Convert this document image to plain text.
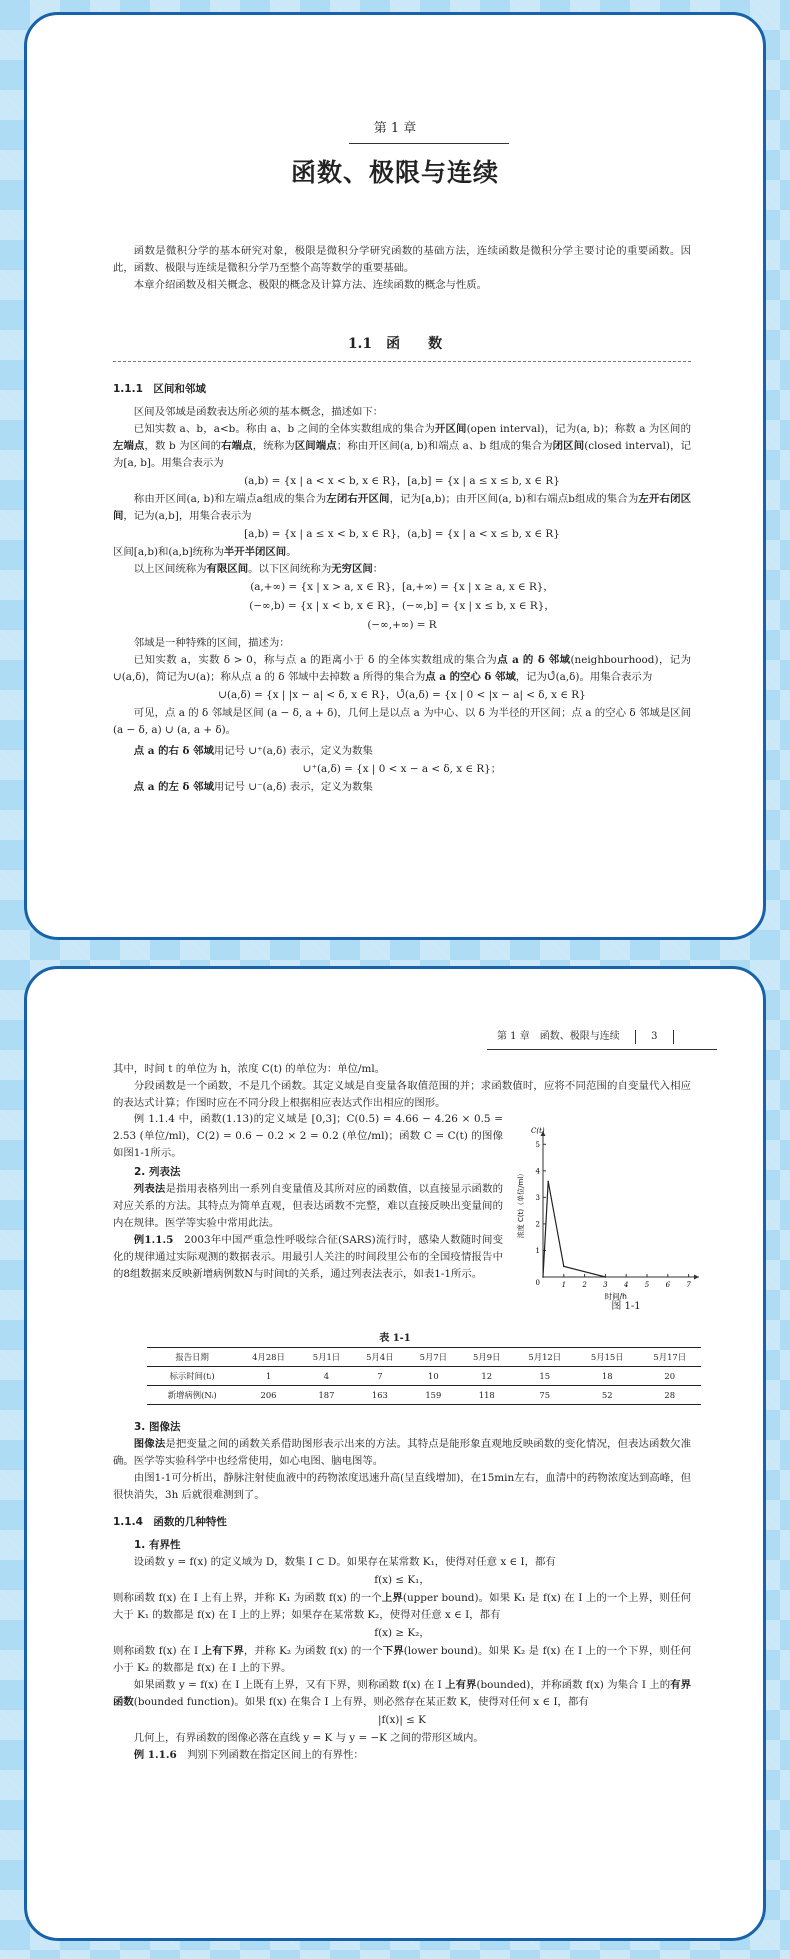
第 1 章
函数、极限与连续

函数是微积分学的基本研究对象，极限是微积分学研究函数的基础方法，连续函数是微积分学主要讨论的重要函数。因此，函数、极限与连续是微积分学乃至整个高等数学的重要基础。

本章介绍函数及相关概念、极限的概念及计算方法、连续函数的概念与性质。

1.1　函　　数

1.1.1　区间和邻域

区间及邻域是函数表达所必须的基本概念，描述如下：

已知实数 a、b，a<b。称由 a、b 之间的全体实数组成的集合为开区间(open interval)，记为(a, b)；称数 a 为区间的左端点，数 b 为区间的右端点，统称为区间端点；称由开区间(a, b)和端点 a、b 组成的集合为闭区间(closed interval)，记为[a, b]。用集合表示为

(a,b) = {x | a < x < b, x ∈ R}，[a,b] = {x | a ≤ x ≤ b, x ∈ R}

称由开区间(a, b)和左端点a组成的集合为左闭右开区间，记为[a,b)；由开区间(a, b)和右端点b组成的集合为左开右闭区间，记为(a,b]，用集合表示为

[a,b) = {x | a ≤ x < b, x ∈ R}，(a,b] = {x | a < x ≤ b, x ∈ R}

区间[a,b)和(a,b]统称为半开半闭区间。

以上区间统称为有限区间。以下区间统称为无穷区间：

(a,+∞) = {x | x > a, x ∈ R}，[a,+∞) = {x | x ≥ a, x ∈ R}，

(−∞,b) = {x | x < b, x ∈ R}，(−∞,b] = {x | x ≤ b, x ∈ R}，

(−∞,+∞) = R

邻域是一种特殊的区间，描述为：

已知实数 a，实数 δ > 0，称与点 a 的距离小于 δ 的全体实数组成的集合为点 a 的 δ 邻域(neighbourhood)，记为∪(a,δ)，简记为∪(a)；称从点 a 的 δ 邻域中去掉数 a 所得的集合为点 a 的空心 δ 邻域，记为∪̊(a,δ)。用集合表示为

∪(a,δ) = {x | |x − a| < δ, x ∈ R}，∪̊(a,δ) = {x | 0 < |x − a| < δ, x ∈ R}

可见，点 a 的 δ 邻域是区间 (a − δ, a + δ)，几何上是以点 a 为中心、以 δ 为半径的开区间；点 a 的空心 δ 邻域是区间 (a − δ, a) ∪ (a, a + δ)。

点 a 的右 δ 邻域用记号 ∪⁺(a,δ) 表示，定义为数集

∪⁺(a,δ) = {x | 0 < x − a < δ, x ∈ R}；

点 a 的左 δ 邻域用记号 ∪⁻(a,δ) 表示，定义为数集

第 1 章　函数、极限与连续	3

其中，时间 t 的单位为 h，浓度 C(t) 的单位为：单位/ml。

分段函数是一个函数，不是几个函数。其定义域是自变量各取值范围的并；求函数值时，应将不同范围的自变量代入相应的表达式计算；作图时应在不同分段上根据相应表达式作出相应的图形。

例 1.1.4 中，函数(1.13)的定义域是 [0,3]；C(0.5) = 4.66 − 4.26 × 0.5 = 2.53 (单位/ml)，C(2) = 0.6 − 0.2 × 2 = 0.2 (单位/ml)；函数 C = C(t) 的图像如图1-1所示。

2. 列表法

列表法是指用表格列出一系列自变量值及其所对应的函数值，以直接显示函数的对应关系的方法。其特点为简单直观，但表达函数不完整，难以直接反映出变量间的内在规律。医学等实验中常用此法。

例1.1.5　2003年中国严重急性呼吸综合征(SARS)流行时，感染人数随时间变化的规律通过实际观测的数据表示。用最引人关注的时间段里公布的全国疫情报告中的8组数据来反映新增病例数N与时间t的关系，通过列表法表示，如表1-1所示。

1 2 3 4 5 6 7
1
2
3
4
5
0
C(t)
时间/h
浓度 C(t)（单位/ml）
图 1-1
表 1-1
报告日期	4月28日	5月1日	5月4日	5月7日	5月9日	5月12日	5月15日	5月17日
标示时间(tᵢ)	1	4	7	10	12	15	18	20
新增病例(Nᵢ)	206	187	163	159	118	75	52	28

3. 图像法

图像法是把变量之间的函数关系借助图形表示出来的方法。其特点是能形象直观地反映函数的变化情况，但表达函数欠准确。医学等实验科学中也经常使用，如心电图、脑电图等。

由图1-1可分析出，静脉注射使血液中的药物浓度迅速升高(呈直线增加)，在15min左右，血清中的药物浓度达到高峰，但很快消失，3h 后就很难测到了。

1.1.4　函数的几种特性

1. 有界性

设函数 y = f(x) 的定义域为 D，数集 I ⊂ D。如果存在某常数 K₁，使得对任意 x ∈ I，都有

f(x) ≤ K₁，

则称函数 f(x) 在 I 上有上界，并称 K₁ 为函数 f(x) 的一个上界(upper bound)。如果 K₁ 是 f(x) 在 I 上的一个上界，则任何大于 K₁ 的数都是 f(x) 在 I 上的上界；如果存在某常数 K₂，使得对任意 x ∈ I，都有

f(x) ≥ K₂，

则称函数 f(x) 在 I 上有下界，并称 K₂ 为函数 f(x) 的一个下界(lower bound)。如果 K₂ 是 f(x) 在 I 上的一个下界，则任何小于 K₂ 的数都是 f(x) 在 I 上的下界。

如果函数 y = f(x) 在 I 上既有上界，又有下界，则称函数 f(x) 在 I 上有界(bounded)，并称函数 f(x) 为集合 I 上的有界函数(bounded function)。如果 f(x) 在集合 I 上有界，则必然存在某正数 K，使得对任何 x ∈ I，都有

|f(x)| ≤ K

几何上，有界函数的图像必落在直线 y = K 与 y = −K 之间的带形区域内。

例 1.1.6　判别下列函数在指定区间上的有界性：
